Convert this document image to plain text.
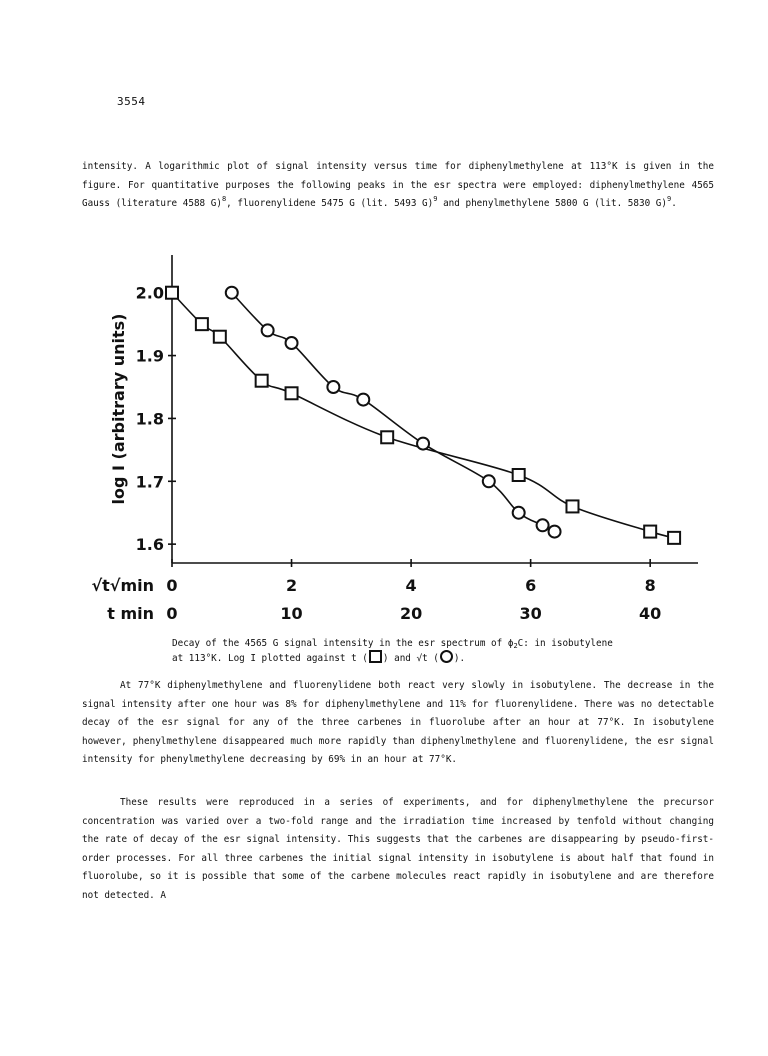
3554

intensity. A logarithmic plot of signal intensity versus time for diphenylmethylene at 113°K is given in the figure. For quantitative purposes the following peaks in the esr spectra were employed: diphenylmethylene 4565 Gauss (literature 4588 G)$^8$, fluorenylidene 5475 G (lit. 5493 G)$^9$ and phenylmethylene 5800 G (lit. 5830 G)$^9$.

2.0
1.9
1.8
1.7
1.6
0	2	4	6	8
0	10	20	30	40
√t√min
t min
log I (arbitrary units)

Decay of the 4565 G signal intensity in the esr spectrum of $\phi_2C$: in isobutylene at 113°K. Log I plotted against t ( ) and √t ( ).

At 77°K diphenylmethylene and fluorenylidene both react very slowly in isobutylene. The decrease in the signal intensity after one hour was 8% for diphenylmethylene and 11% for fluorenylidene. There was no detectable decay of the esr signal for any of the three carbenes in fluorolube after an hour at 77°K. In isobutylene however, phenylmethylene disappeared much more rapidly than diphenylmethylene and fluorenylidene, the esr signal intensity for phenylmethylene decreasing by 69% in an hour at 77°K.

These results were reproduced in a series of experiments, and for diphenylmethylene the precursor concentration was varied over a two-fold range and the irradiation time increased by tenfold without changing the rate of decay of the esr signal intensity. This suggests that the carbenes are disappearing by pseudo-first-order processes. For all three carbenes the initial signal intensity in isobutylene is about half that found in fluorolube, so it is possible that some of the carbene molecules react rapidly in isobutylene and are therefore not detected. A
